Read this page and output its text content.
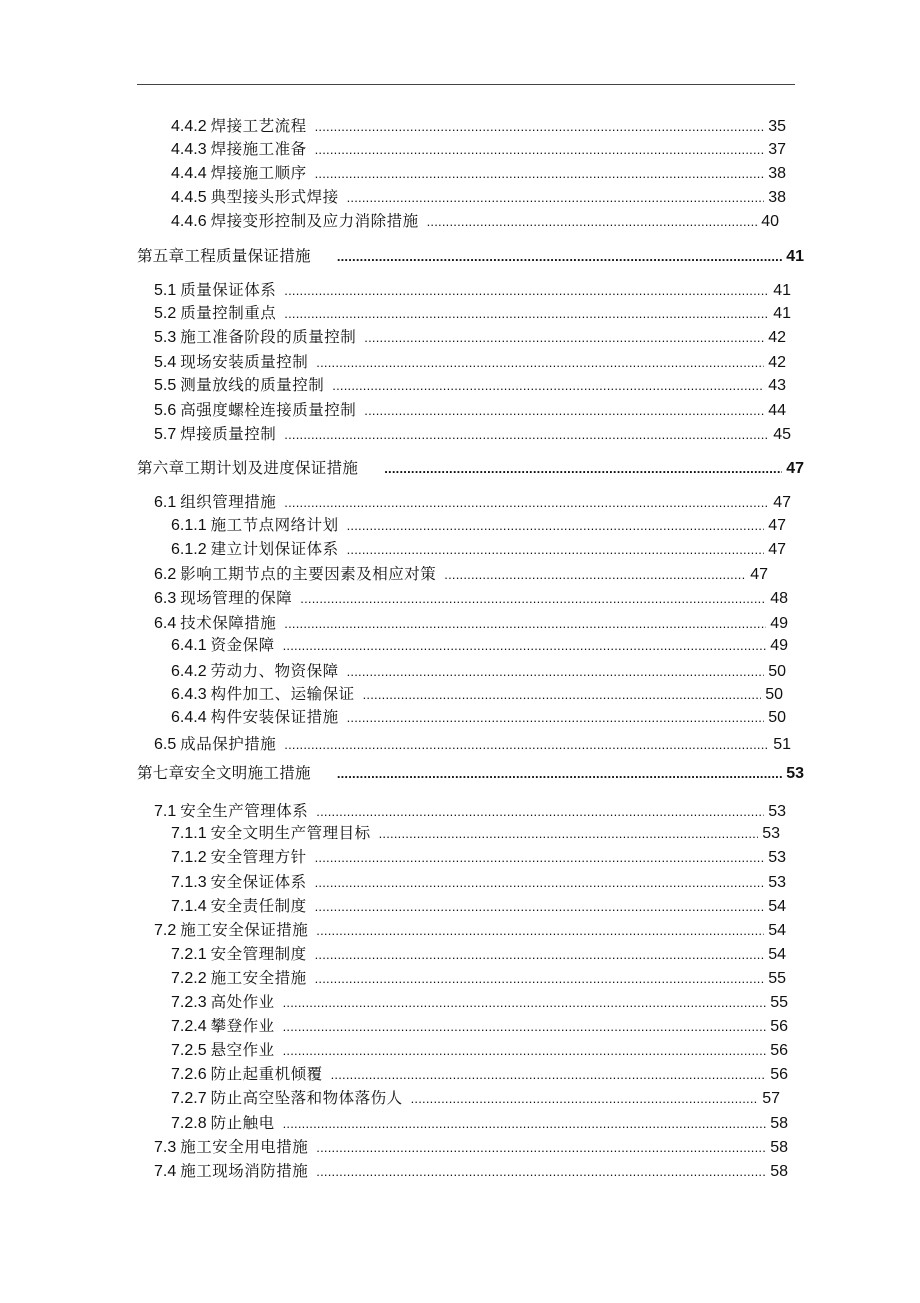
4.4.2 焊接工艺流程 .....	35
4.4.3 焊接施工准备 .....	37
4.4.4 焊接施工顺序 .....	38
4.4.5 典型接头形式焊接 .....	38
4.4.6 焊接变形控制及应力消除措施 .....	40
第五章工程质量保证措施 .....	41
5.1 质量保证体系 .....	41
5.2 质量控制重点 .....	41
5.3 施工准备阶段的质量控制 .....	42
5.4 现场安装质量控制 .....	42
5.5 测量放线的质量控制 .....	43
5.6 高强度螺栓连接质量控制 .....	44
5.7 焊接质量控制 .....	45
第六章工期计划及进度保证措施 .....	47
6.1 组织管理措施 .....	47
6.1.1 施工节点网络计划 .....	47
6.1.2 建立计划保证体系 .....	47
6.2 影响工期节点的主要因素及相应对策 .....	47
6.3 现场管理的保障 .....	48
6.4 技术保障措施 .....	49
6.4.1 资金保障 .....	49
6.4.2 劳动力、物资保障 .....	50
6.4.3 构件加工、运输保证 .....	50
6.4.4 构件安装保证措施 .....	50
6.5 成品保护措施 .....	51
第七章安全文明施工措施 .....	53
7.1 安全生产管理体系 .....	53
7.1.1 安全文明生产管理目标 .....	53
7.1.2 安全管理方针 .....	53
7.1.3 安全保证体系 .....	53
7.1.4 安全责任制度 .....	54
7.2 施工安全保证措施 .....	54
7.2.1 安全管理制度 .....	54
7.2.2 施工安全措施 .....	55
7.2.3 高处作业 .....	55
7.2.4 攀登作业 .....	56
7.2.5 悬空作业 .....	56
7.2.6 防止起重机倾覆 .....	56
7.2.7 防止高空坠落和物体落伤人 .....	57
7.2.8 防止触电 .....	58
7.3 施工安全用电措施 .....	58
7.4 施工现场消防措施 .....	58
